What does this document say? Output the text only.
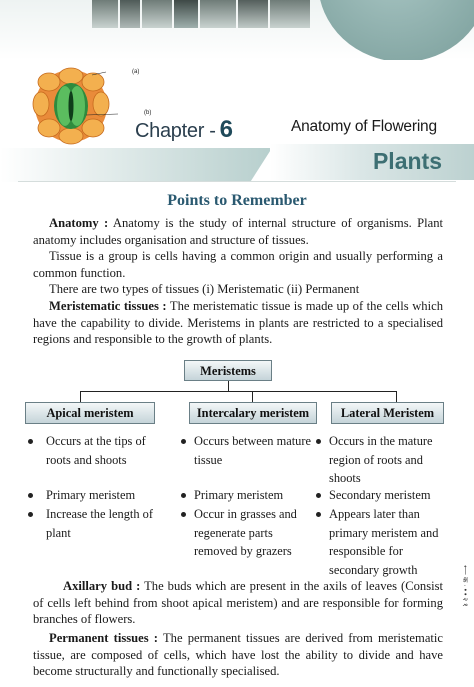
(a)
(b)
Chapter - 6	Anatomy of Flowering
Plants
Points to Remember
Anatomy : Anatomy is the study of internal structure of organisms. Plant anatomy includes organisation and structure of tissues.
Tissue is a group is cells having a common origin and usually performing a common function.
There are two types of tissues (i) Meristematic (ii) Permanent
Meristematic tissues : The meristematic tissue is made up of the cells which have the capability to divide. Meristems in plants are restricted to a specialised regions and responsible to the growth of plants.
Meristems
Apical meristem	Intercalary meristem	Lateral Meristem
Occurs at the tips of roots and shoots
Primary meristem
Increase the length of plant
Occurs between mature tissue
Primary meristem
Occur in grasses and regenerate parts removed by grazers
Occurs in the mature region of roots and shoots
Secondary meristem
Appears later than primary meristem and responsible for secondary growth
Axillary bud : The buds which are present in the axils of leaves (Consist of cells left behind from shoot apical meristem) and are responsible for forming branches of flowers.
Permanent tissues : The permanent tissues are derived from meristematic tissue, are composed of cells, which have lost the ability to divide and have become structurally and functionally specialised.
⟵ क · • • २ १
